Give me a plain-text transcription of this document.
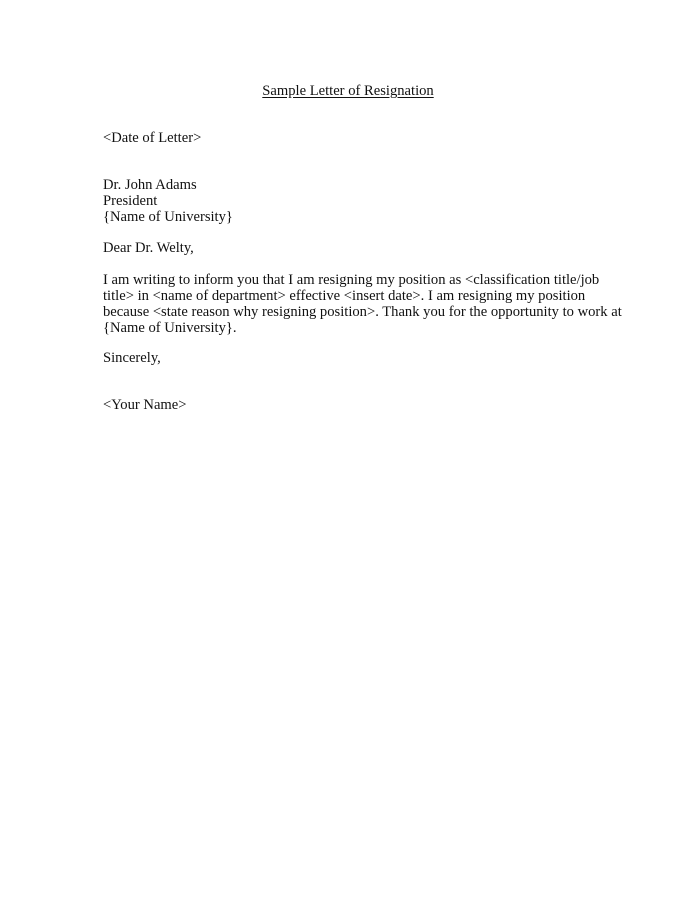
Sample Letter of Resignation
<Date of Letter>
Dr. John Adams
President
{Name of University}
Dear Dr. Welty,
I am writing to inform you that I am resigning my position as <classification title/job
title> in <name of department> effective <insert date>. I am resigning my position
because <state reason why resigning position>. Thank you for the opportunity to work at
{Name of University}.
Sincerely,
<Your Name>
